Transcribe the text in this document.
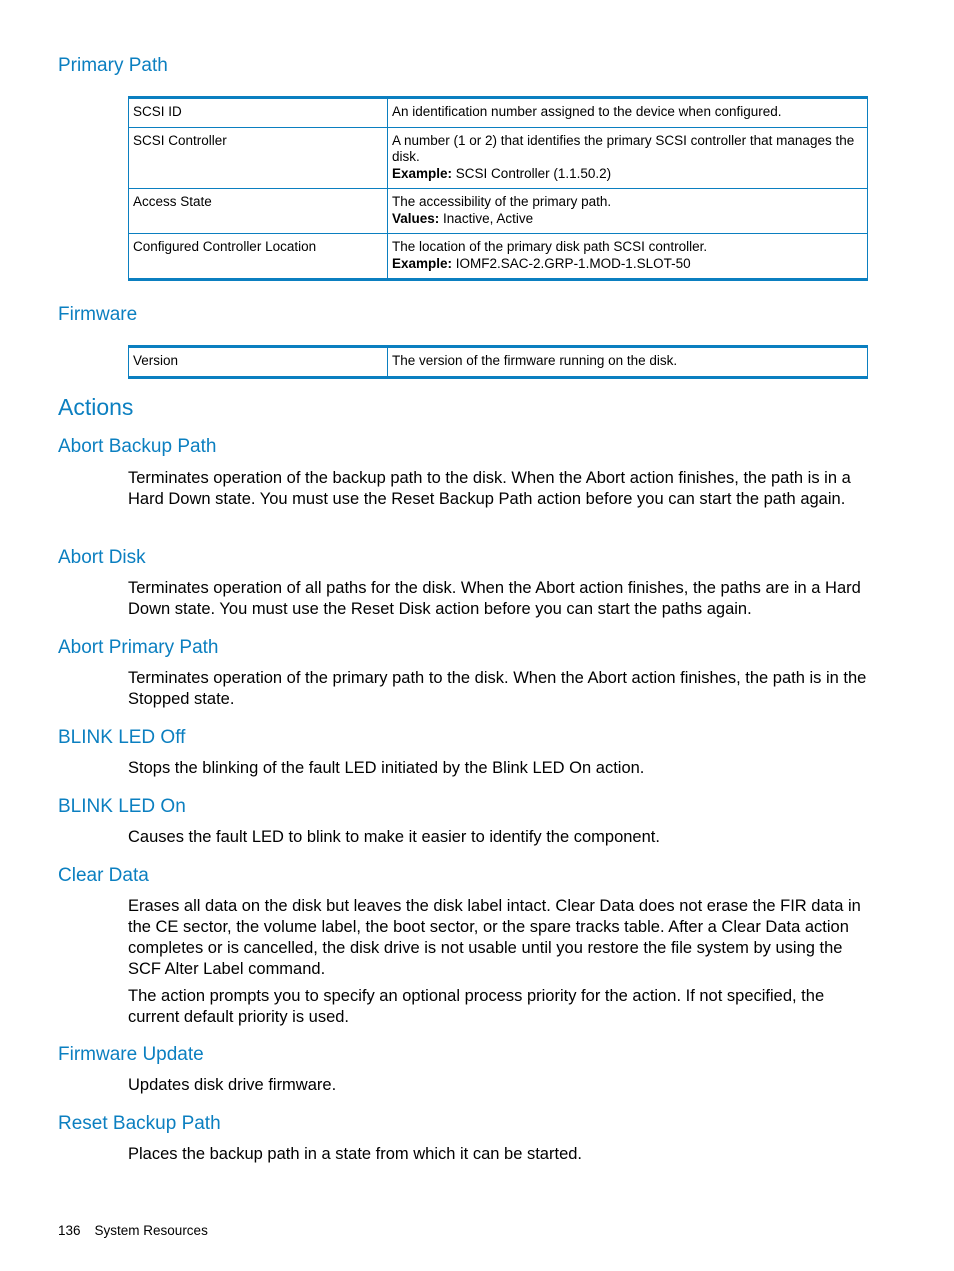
Primary Path
SCSI ID	An identification number assigned to the device when configured.
SCSI Controller	A number (1 or 2) that identifies the primary SCSI controller that manages the disk.
Example: SCSI Controller (1.1.50.2)
Access State	The accessibility of the primary path.
Values: Inactive, Active
Configured Controller Location	The location of the primary disk path SCSI controller.
Example: IOMF2.SAC-2.GRP-1.MOD-1.SLOT-50
Firmware
Version	The version of the firmware running on the disk.
Actions
Abort Backup Path

Terminates operation of the backup path to the disk. When the Abort action finishes, the path is in a Hard Down state. You must use the Reset Backup Path action before you can start the path again.

Abort Disk

Terminates operation of all paths for the disk. When the Abort action finishes, the paths are in a Hard Down state. You must use the Reset Disk action before you can start the paths again.

Abort Primary Path

Terminates operation of the primary path to the disk. When the Abort action finishes, the path is in the Stopped state.

BLINK LED Off

Stops the blinking of the fault LED initiated by the Blink LED On action.

BLINK LED On

Causes the fault LED to blink to make it easier to identify the component.

Clear Data

Erases all data on the disk but leaves the disk label intact. Clear Data does not erase the FIR data in the CE sector, the volume label, the boot sector, or the spare tracks table. After a Clear Data action completes or is cancelled, the disk drive is not usable until you restore the file system by using the SCF Alter Label command.

The action prompts you to specify an optional process priority for the action. If not specified, the current default priority is used.

Firmware Update

Updates disk drive firmware.

Reset Backup Path

Places the backup path in a state from which it can be started.

136 System Resources
